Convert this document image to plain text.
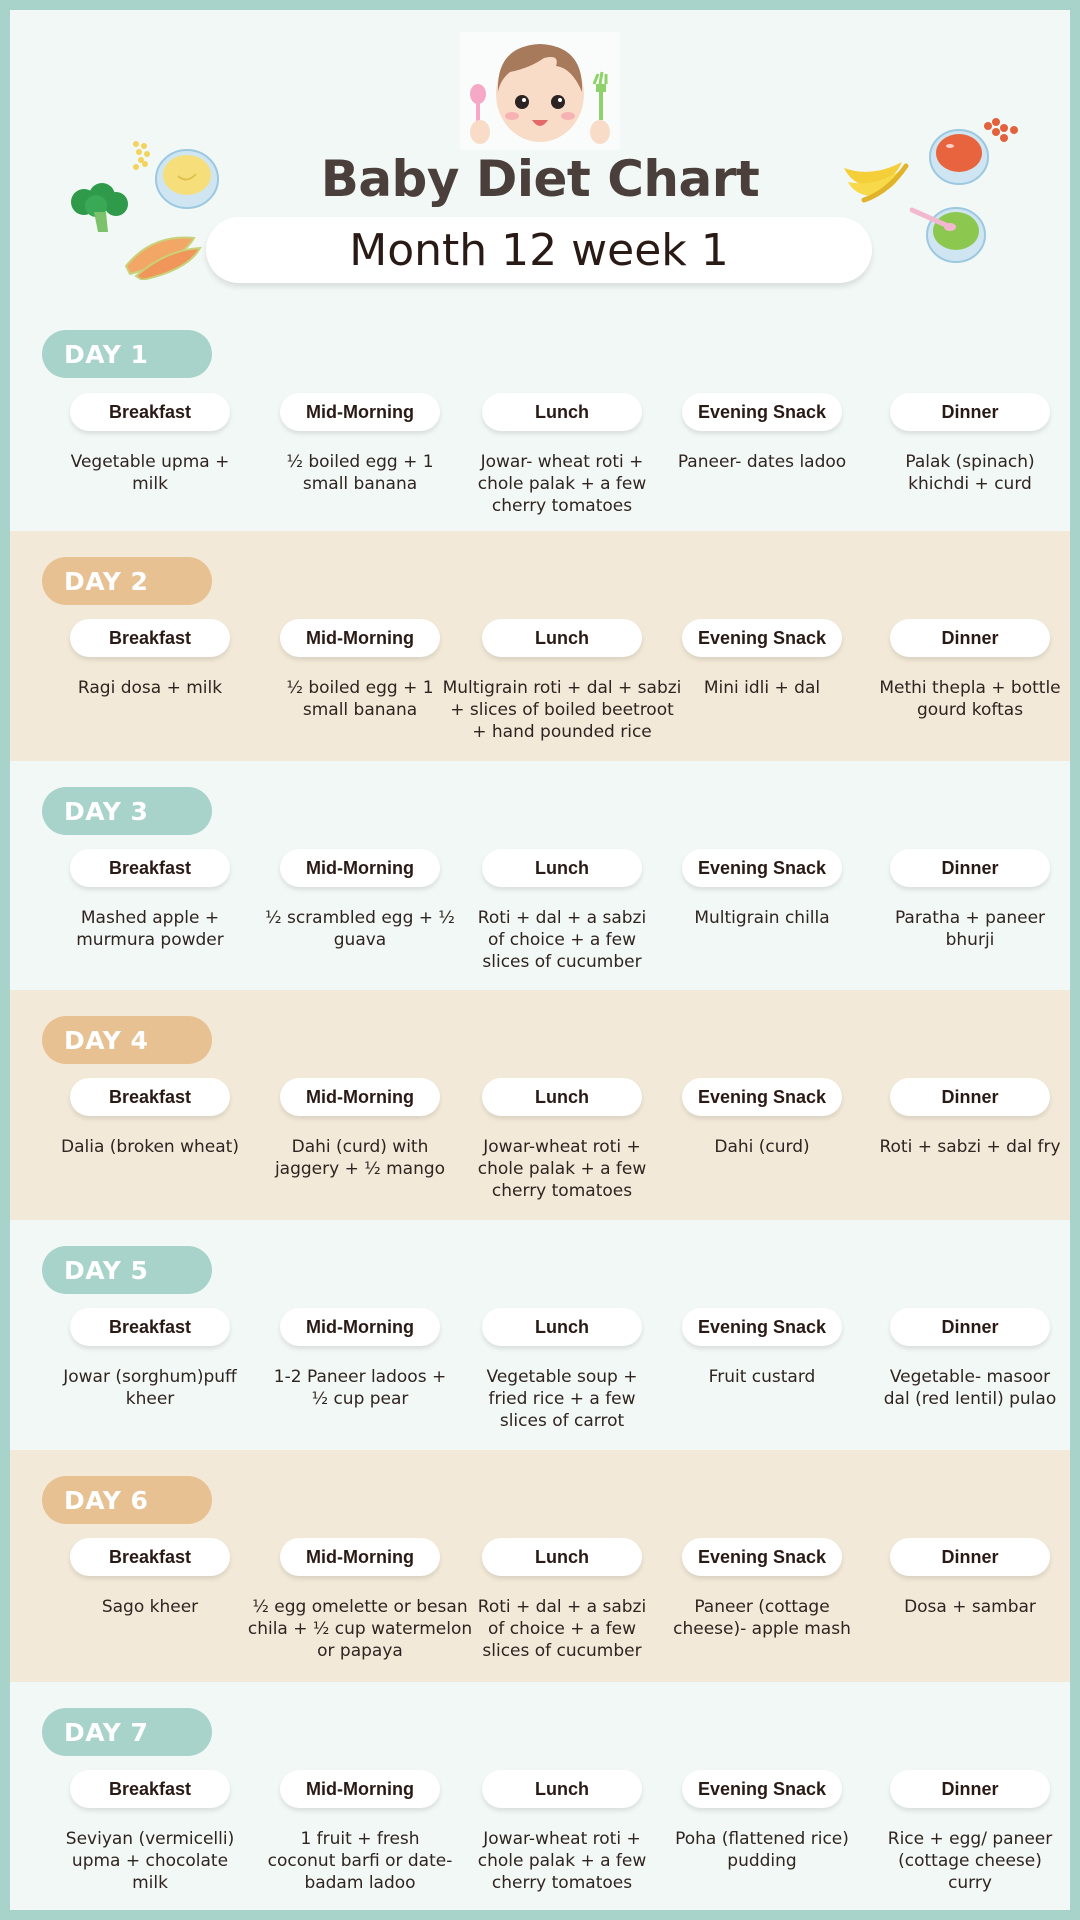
Baby Diet Chart
Month 12 week 1
DAY 1
Breakfast
Vegetable upma + milk
Mid-Morning
½ boiled egg + 1 small banana
Lunch
Jowar- wheat roti + chole palak + a few cherry tomatoes
Evening Snack
Paneer- dates ladoo
Dinner
Palak (spinach) khichdi + curd
DAY 2
Breakfast
Ragi dosa + milk
Mid-Morning
½ boiled egg + 1 small banana
Lunch
Multigrain roti + dal + sabzi + slices of boiled beetroot + hand pounded rice
Evening Snack
Mini idli + dal
Dinner
Methi thepla + bottle gourd koftas
DAY 3
Breakfast
Mashed apple + murmura powder
Mid-Morning
½ scrambled egg + ½ guava
Lunch
Roti + dal + a sabzi of choice + a few slices of cucumber
Evening Snack
Multigrain chilla
Dinner
Paratha + paneer bhurji
DAY 4
Breakfast
Dalia (broken wheat)
Mid-Morning
Dahi (curd) with jaggery + ½ mango
Lunch
Jowar-wheat roti + chole palak + a few cherry tomatoes
Evening Snack
Dahi (curd)
Dinner
Roti + sabzi + dal fry
DAY 5
Breakfast
Jowar (sorghum)puff kheer
Mid-Morning
1-2 Paneer ladoos + ½ cup pear
Lunch
Vegetable soup + fried rice + a few slices of carrot
Evening Snack
Fruit custard
Dinner
Vegetable- masoor dal (red lentil) pulao
DAY 6
Breakfast
Sago kheer
Mid-Morning
½ egg omelette or besan chila + ½ cup watermelon or papaya
Lunch
Roti + dal + a sabzi of choice + a few slices of cucumber
Evening Snack
Paneer (cottage cheese)- apple mash
Dinner
Dosa + sambar
DAY 7
Breakfast
Seviyan (vermicelli) upma + chocolate milk
Mid-Morning
1 fruit + fresh coconut barfi or date- badam ladoo
Lunch
Jowar-wheat roti + chole palak + a few cherry tomatoes
Evening Snack
Poha (flattened rice) pudding
Dinner
Rice + egg/ paneer (cottage cheese) curry
